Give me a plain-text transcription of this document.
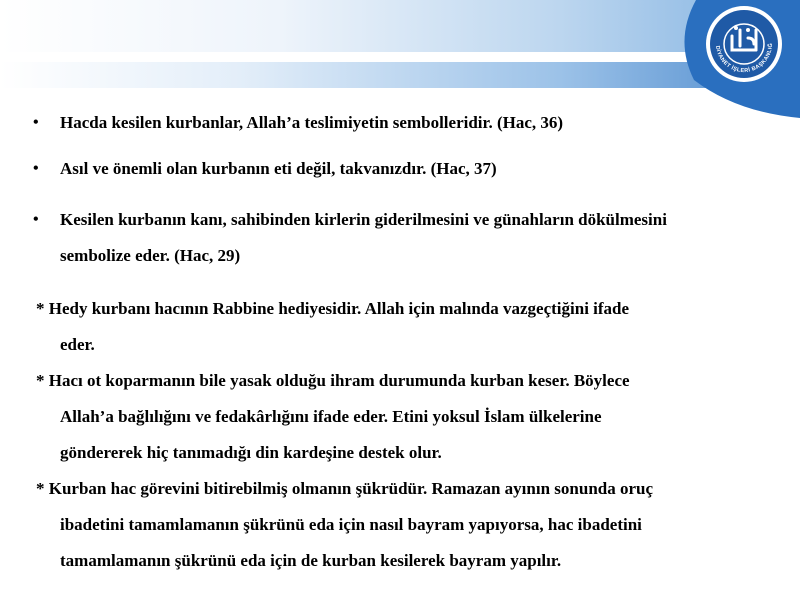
DİYANET İŞLERİ BAŞKANLIĞ
• Hacda kesilen kurbanlar, Allah’a teslimiyetin sembolleridir. (Hac, 36)
• Asıl ve önemli olan kurbanın eti değil, takvanızdır. (Hac, 37)
• Kesilen kurbanın kanı, sahibinden kirlerin giderilmesini ve günahların dökülmesini
sembolize eder. (Hac, 29)
* Hedy kurbanı hacının Rabbine hediyesidir. Allah için malında vazgeçtiğini ifade
eder.
* Hacı ot koparmanın bile yasak olduğu ihram durumunda kurban keser. Böylece
Allah’a bağlılığını ve fedakârlığını ifade eder. Etini yoksul İslam ülkelerine
göndererek hiç tanımadığı din kardeşine destek olur.
* Kurban hac görevini bitirebilmiş olmanın şükrüdür. Ramazan ayının sonunda oruç
ibadetini tamamlamanın şükrünü eda için nasıl bayram yapıyorsa, hac ibadetini
tamamlamanın şükrünü eda için de kurban kesilerek bayram yapılır.
